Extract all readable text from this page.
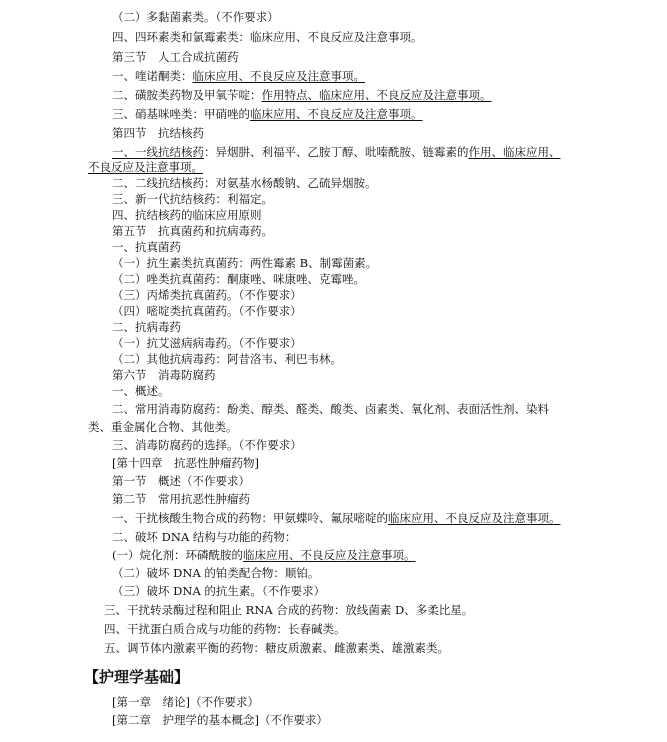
（二）多黏菌素类。（不作要求）
四、四环素类和氯霉素类：临床应用、不良反应及注意事项。
第三节　人工合成抗菌药
一、喹诺酮类：临床应用、不良反应及注意事项。
二、磺胺类药物及甲氧苄啶：作用特点、临床应用、不良反应及注意事项。
三、硝基咪唑类：甲硝唑的临床应用、不良反应及注意事项。
第四节　抗结核药
一、一线抗结核药：异烟肼、利福平、乙胺丁醇、吡嗪酰胺、链霉素的作用、临床应用、
不良反应及注意事项。
二、二线抗结核药：对氨基水杨酸钠、乙硫异烟胺。
三、新一代抗结核药：利福定。
四、抗结核药的临床应用原则
第五节　抗真菌药和抗病毒药。
一、抗真菌药
（一）抗生素类抗真菌药：两性霉素 B、制霉菌素。
（二）唑类抗真菌药：酮康唑、咪康唑、克霉唑。
（三）丙烯类抗真菌药。（不作要求）
（四）嘧啶类抗真菌药。（不作要求）
二、抗病毒药
（一）抗艾滋病病毒药。（不作要求）
（二）其他抗病毒药：阿昔洛韦、利巴韦林。
第六节　消毒防腐药
一、概述。
二、常用消毒防腐药：酚类、醇类、醛类、酸类、卤素类、氧化剂、表面活性剂、染料
类、重金属化合物、其他类。
三、消毒防腐药的选择。（不作要求）
[第十四章　抗恶性肿瘤药物]
第一节　概述（不作要求）
第二节　常用抗恶性肿瘤药
一、干扰核酸生物合成的药物：甲氨蝶呤、氟尿嘧啶的临床应用、不良反应及注意事项。
二、破坏 DNA 结构与功能的药物：
(一）烷化剂：环磷酰胺的临床应用、不良反应及注意事项。
（二）破坏 DNA 的铂类配合物：顺铂。
（三）破坏 DNA 的抗生素。（不作要求）
三、干扰转录酶过程和阻止 RNA 合成的药物：放线菌素 D、多柔比星。
四、干扰蛋白质合成与功能的药物：长春碱类。
五、调节体内激素平衡的药物：糖皮质激素、雌激素类、雄激素类。
[第一章　绪论]（不作要求）
[第二章　护理学的基本概念]（不作要求）
【护理学基础】
